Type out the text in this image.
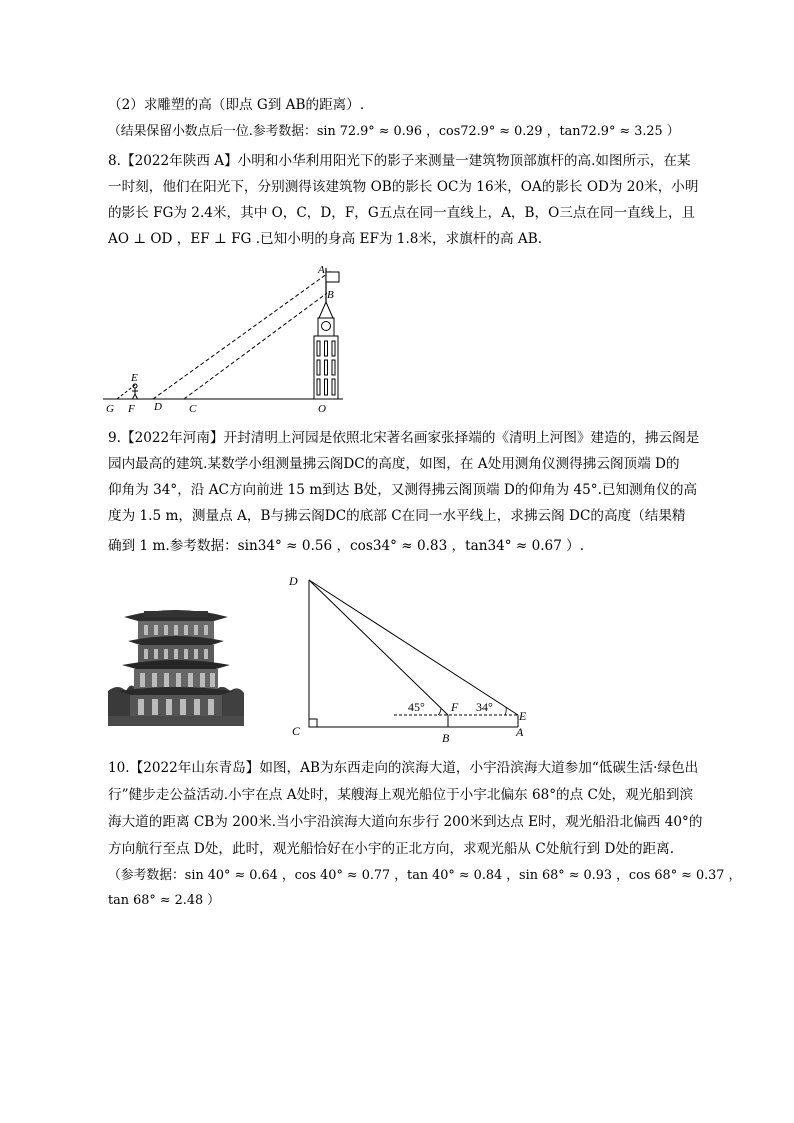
（2）求雕塑的高（即点 G到 AB的距离）.
（结果保留小数点后一位.参考数据：sin 72.9° ≈ 0.96 ，cos72.9° ≈ 0.29 ，tan72.9° ≈ 3.25 ）
8.【2022年陕西 A】小明和小华利用阳光下的影子来测量一建筑物顶部旗杆的高.如图所示，在某
一时刻，他们在阳光下，分别测得该建筑物 OB的影长 OC为 16米，OA的影长 OD为 20米，小明
的影长 FG为 2.4米，其中 O，C，D，F，G五点在同一直线上，A，B，O三点在同一直线上，且
AO ⊥ OD ，EF ⊥ FG .已知小明的身高 EF为 1.8米，求旗杆的高 AB.
A
B
E
G F D C	O
9.【2022年河南】开封清明上河园是依照北宋著名画家张择端的《清明上河图》建造的，拂云阁是
园内最高的建筑.某数学小组测量拂云阁DC的高度，如图，在 A处用测角仪测得拂云阁顶端 D的
仰角为 34°，沿 AC方向前进 15 m到达 B处，又测得拂云阁顶端 D的仰角为 45°.已知测角仪的高
度为 1.5 m，测量点 A，B与拂云阁DC的底部 C在同一水平线上，求拂云阁 DC的高度（结果精
确到 1 m.参考数据：sin34° ≈ 0.56 ，cos34° ≈ 0.83 ，tan34° ≈ 0.67 ）.
D
C	B	A
E
F
45°	34°
10.【2022年山东青岛】如图，AB为东西走向的滨海大道，小宇沿滨海大道参加“低碳生活·绿色出
行”健步走公益活动.小宇在点 A处时，某艘海上观光船位于小宇北偏东 68°的点 C处，观光船到滨
海大道的距离 CB为 200米.当小宇沿滨海大道向东步行 200米到达点 E时，观光船沿北偏西 40°的
方向航行至点 D处，此时，观光船恰好在小宇的正北方向，求观光船从 C处航行到 D处的距离.
（参考数据：sin 40° ≈ 0.64 ，cos 40° ≈ 0.77 ，tan 40° ≈ 0.84 ，sin 68° ≈ 0.93 ，cos 68° ≈ 0.37 ，
tan 68° ≈ 2.48 ）
